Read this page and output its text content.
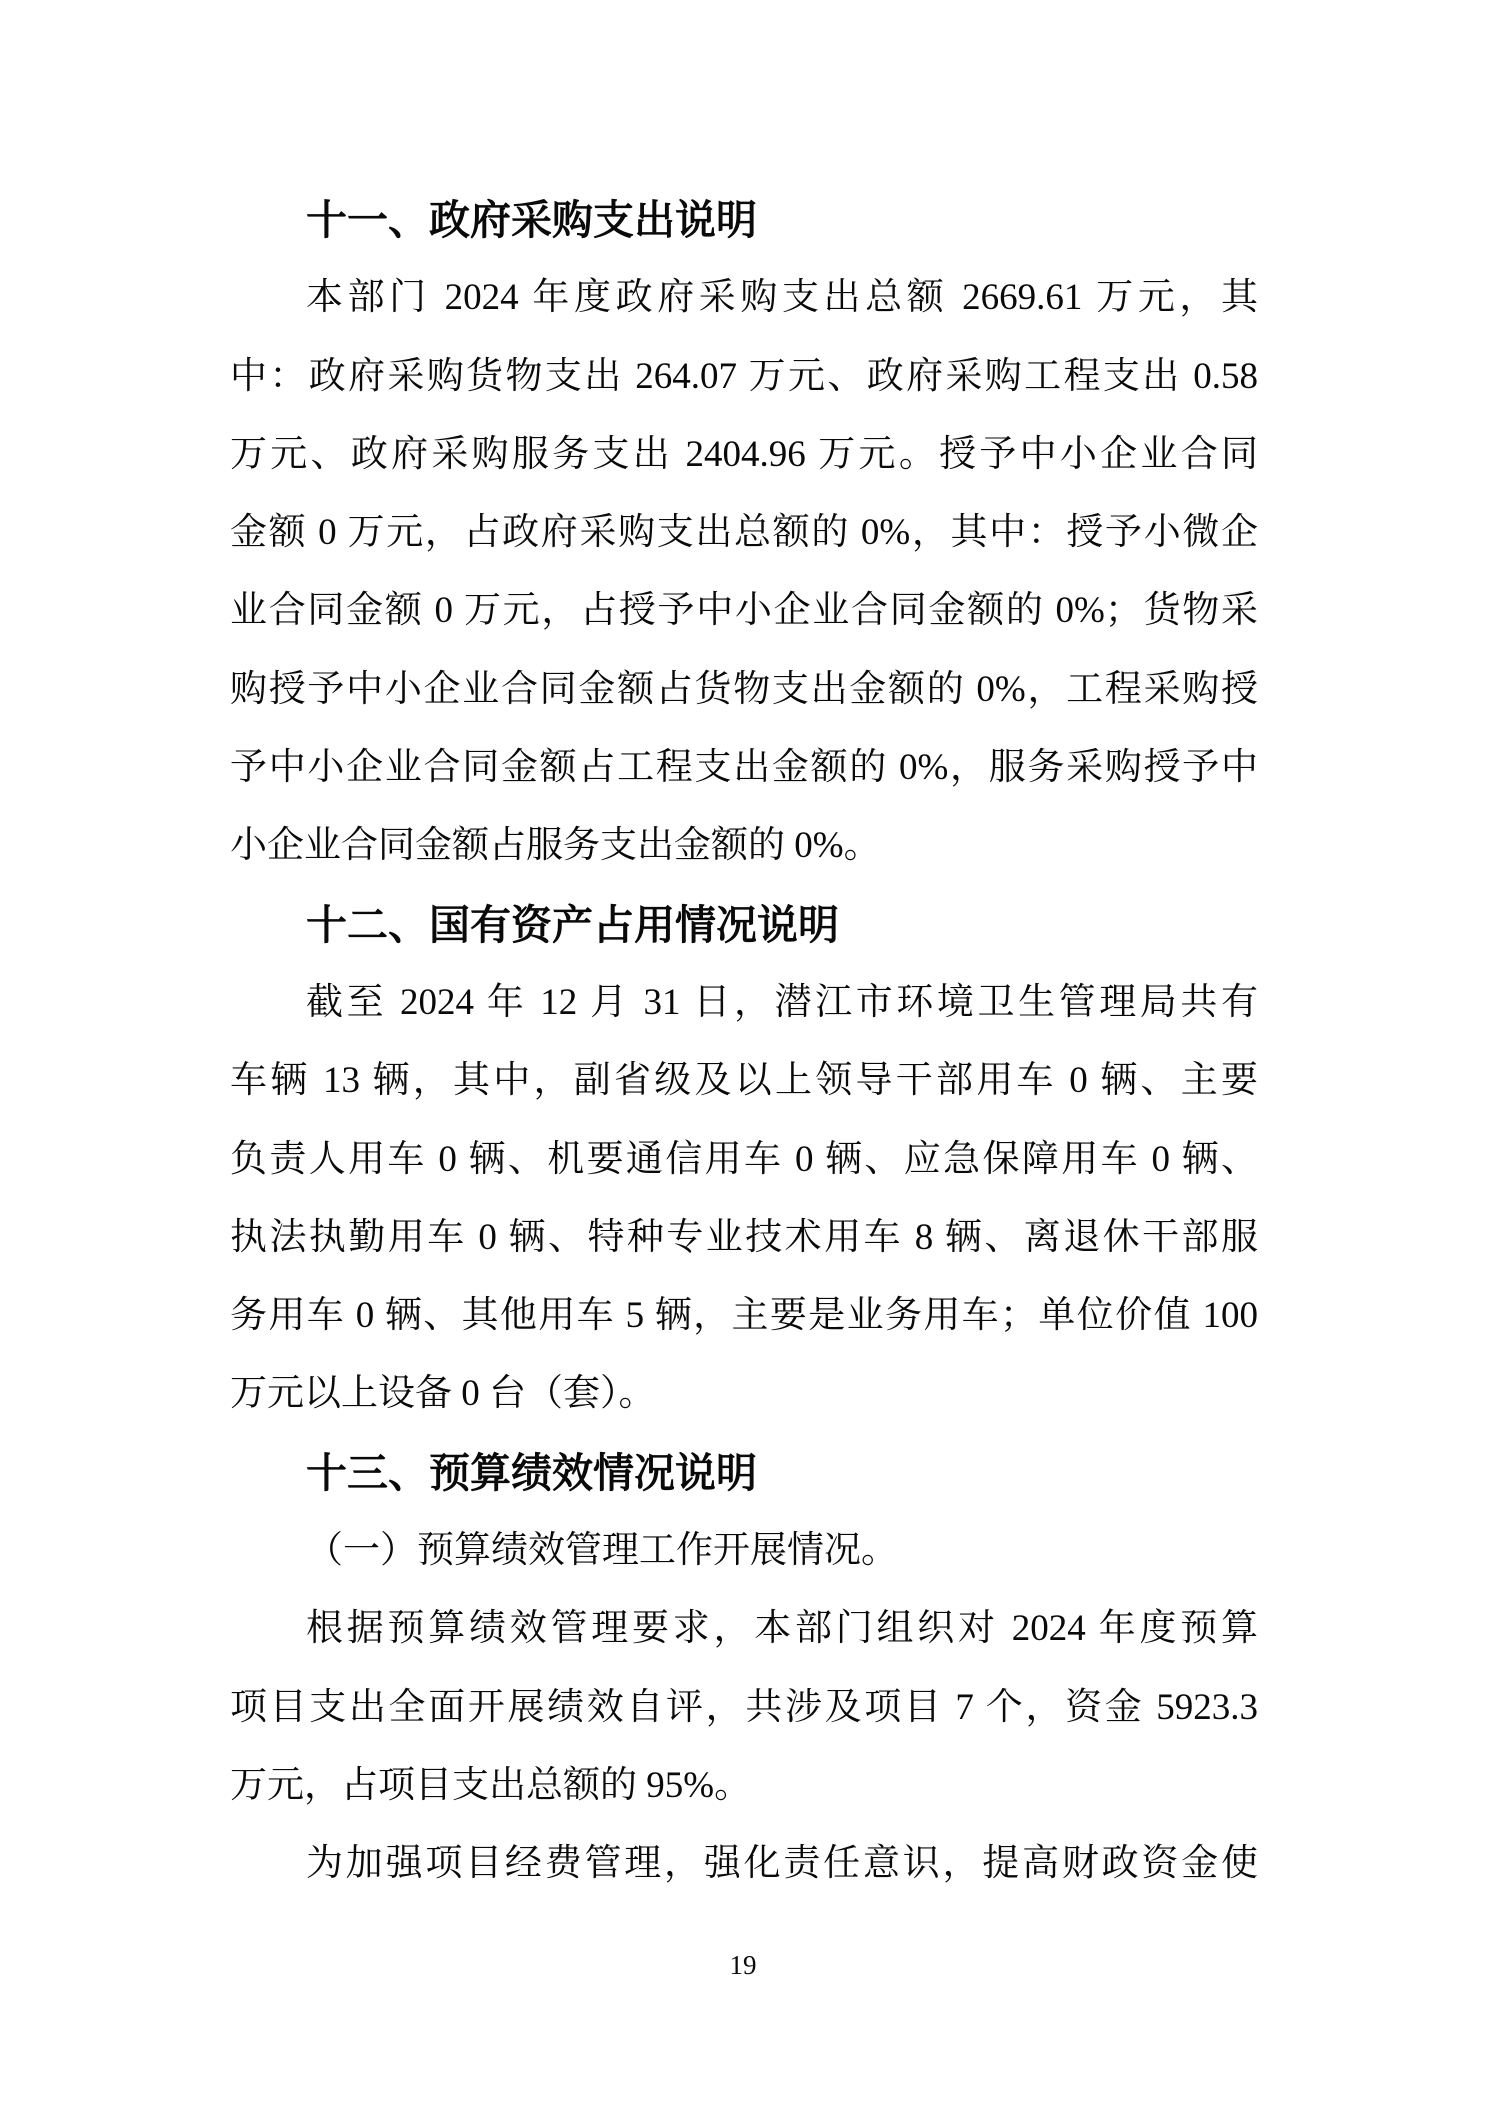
十一、政府采购支出说明
本部门 2024 年度政府采购支出总额 2669.61 万元，其
中：政府采购货物支出 264.07 万元、政府采购工程支出 0.58
万元、政府采购服务支出 2404.96 万元。授予中小企业合同
金额 0 万元，占政府采购支出总额的 0%，其中：授予小微企
业合同金额 0 万元，占授予中小企业合同金额的 0%；货物采
购授予中小企业合同金额占货物支出金额的 0%，工程采购授
予中小企业合同金额占工程支出金额的 0%，服务采购授予中
小企业合同金额占服务支出金额的 0%。
十二、国有资产占用情况说明
截至 2024 年 12 月 31 日，潜江市环境卫生管理局共有
车辆 13 辆，其中，副省级及以上领导干部用车 0 辆、主要
负责人用车 0 辆、机要通信用车 0 辆、应急保障用车 0 辆、
执法执勤用车 0 辆、特种专业技术用车 8 辆、离退休干部服
务用车 0 辆、其他用车 5 辆，主要是业务用车；单位价值 100
万元以上设备 0 台（套）。
十三、预算绩效情况说明
（一）预算绩效管理工作开展情况。
根据预算绩效管理要求，本部门组织对 2024 年度预算
项目支出全面开展绩效自评，共涉及项目 7 个，资金 5923.3
万元，占项目支出总额的 95%。
为加强项目经费管理，强化责任意识，提高财政资金使
19
